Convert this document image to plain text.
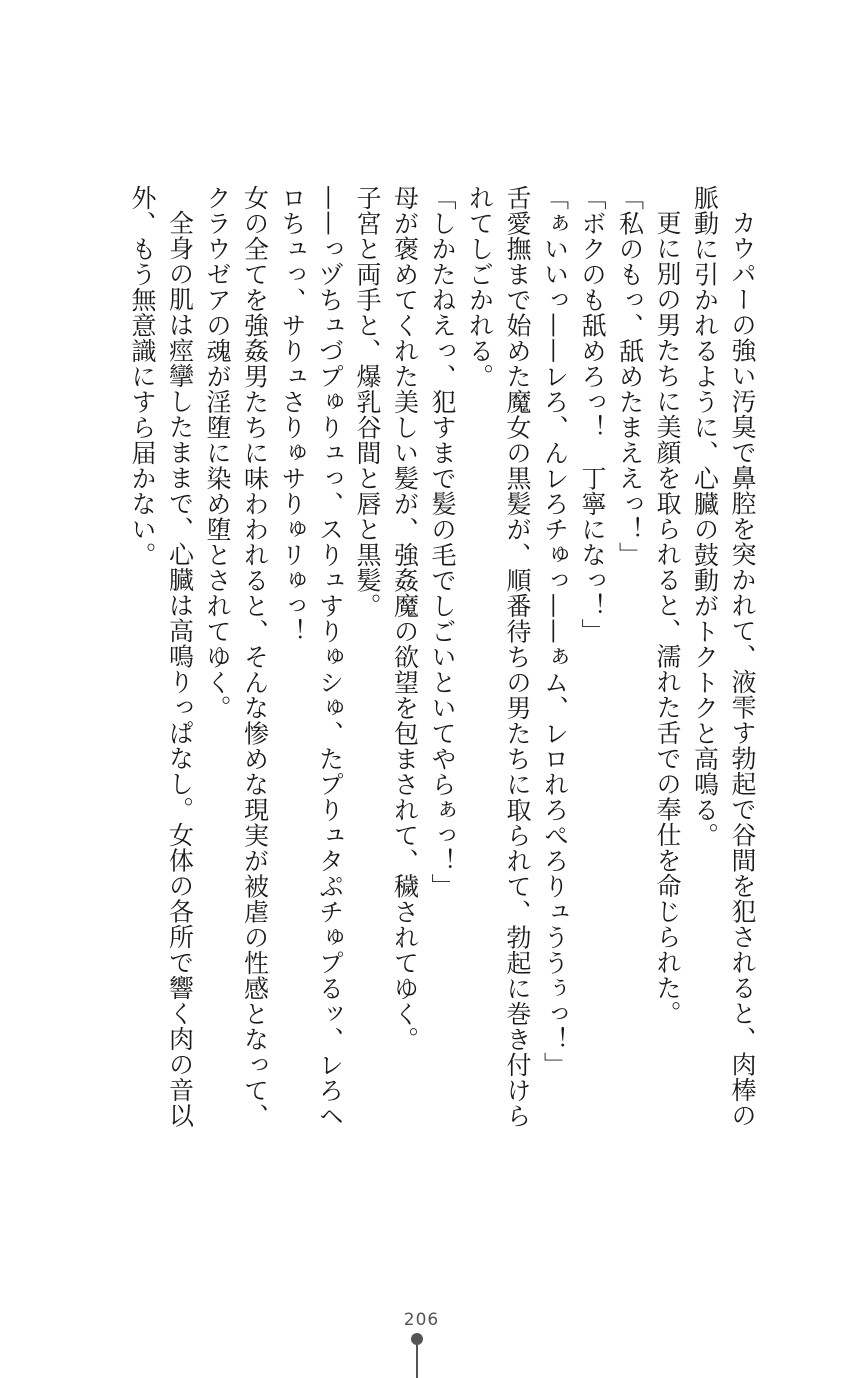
カウパーの強い汚臭で鼻腔を突かれて、液雫す勃起で谷間を犯されると、肉棒の脈動に引かれるように、心臓の鼓動がトクトクと高鳴る。

更に別の男たちに美顔を取られると、濡れた舌での奉仕を命じられた。

「私のもっ、舐めたまええっ！」

「ボクのも舐めろっ！　丁寧になっ！」

「ぁいいっ——レろ、んレろチゅっ——ぁム、レロれろぺろりュううぅっ！」

舌愛撫まで始めた魔女の黒髪が、順番待ちの男たちに取られて、勃起に巻き付けられてしごかれる。

「しかたねえっ、犯すまで髪の毛でしごいといてやらぁっ！」

母が褒めてくれた美しい髪が、強姦魔の欲望を包まされて、穢されてゆく。

子宮と両手と、爆乳谷間と唇と黒髪。

——っヅちュづプゅりュっ、スりュすりゅシゅ、たプりュタぷチゅプるッ、レろヘロちュっ、サりュさりゅサりゅリゅっ！

女の全てを強姦男たちに味わわれると、そんな惨めな現実が被虐の性感となって、クラウゼアの魂が淫堕に染め堕とされてゆく。

全身の肌は痙攣したままで、心臓は高鳴りっぱなし。女体の各所で響く肉の音以外、もう無意識にすら届かない。

206
